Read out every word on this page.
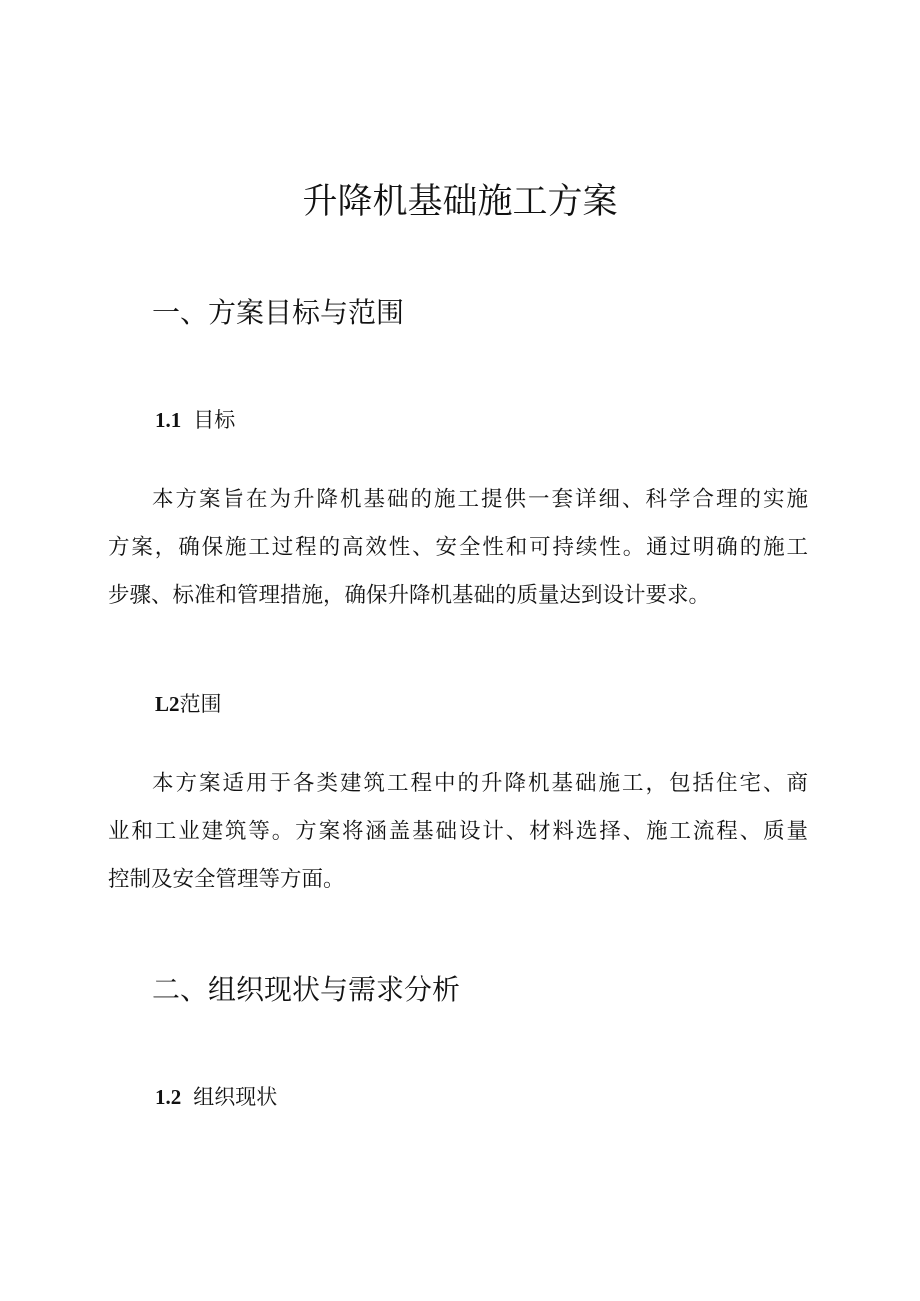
升降机基础施工方案
一、方案目标与范围
1.1 目标
本方案旨在为升降机基础的施工提供一套详细、科学合理的实施
方案，确保施工过程的高效性、安全性和可持续性。通过明确的施工
步骤、标准和管理措施，确保升降机基础的质量达到设计要求。
L2范围
本方案适用于各类建筑工程中的升降机基础施工，包括住宅、商
业和工业建筑等。方案将涵盖基础设计、材料选择、施工流程、质量
控制及安全管理等方面。
二、组织现状与需求分析
1.2 组织现状
